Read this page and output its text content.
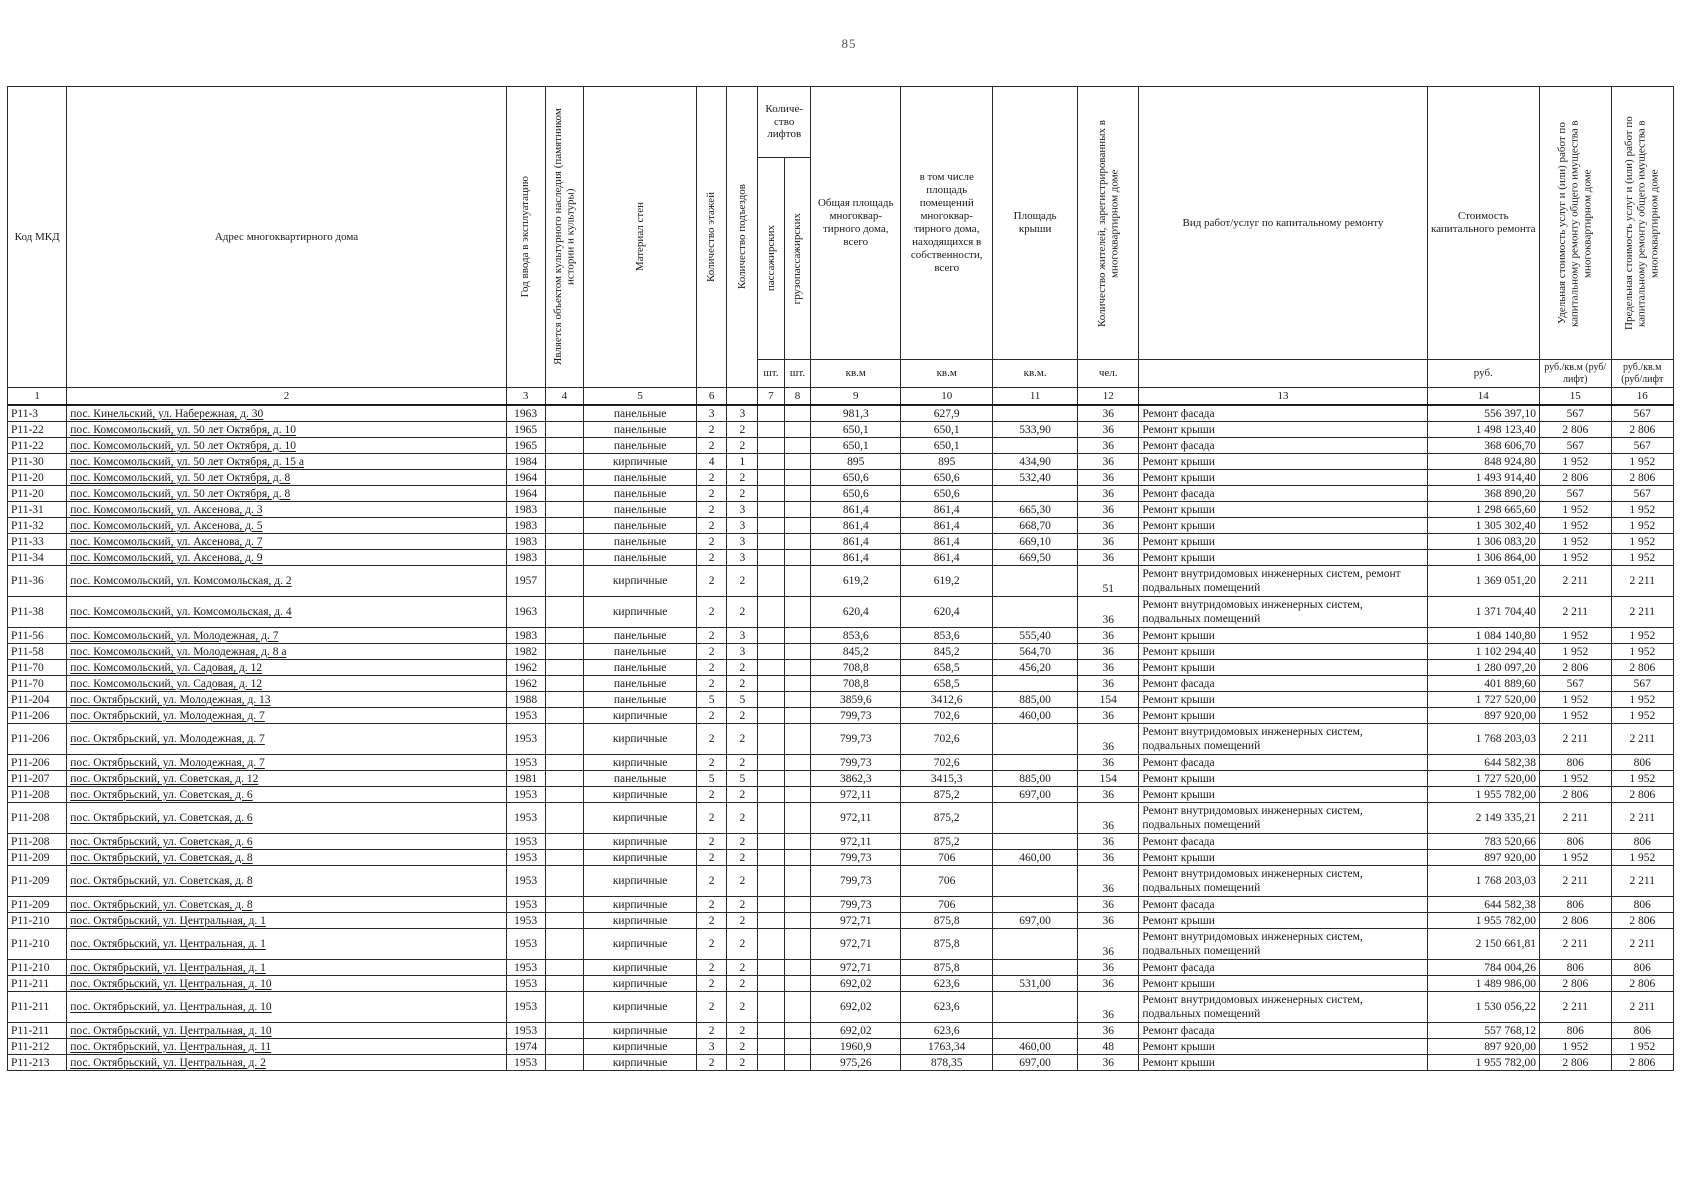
85
Код МКД	Адрес многоквартирного дома	Год ввода в эксплуатацию	Является объектом культурного наследия (памятником истории и культуры)	Материал стен	Количество этажей	Количество подъездов	Количе-ство лифтов		Общая площадь многоквар-тирного дома, всего	в том числе площадь помещений многоквар-тирного дома, находящихся в собственности, всего	Площадь крыши	Количество жителей, зарегистрированных в многоквартирном доме	Вид работ/услуг по капитальному ремонту	Стоимость капитального ремонта	Удельная стоимость услуг и (или) работ по капитальному ремонту общего имущества в многоквартирном доме	Предельная стоимость услуг и (или) работ по капитальному ремонту общего имущества в многоквартирном доме

							пассажирских	грузопассажирских								

							шт.	шт.	кв.м	кв.м	кв.м.	чел.		руб.	руб./кв.м (руб/лифт)	руб./кв.м (руб/лифт
1	2	3	4	5	6		7	8	9	10	11	12	13	14	15	16
Р11-3	пос. Кинельский, ул. Набережная, д. 30	1963		панельные	3	3			981,3	627,9		36	Ремонт фасада	556 397,10	567	567
Р11-22	пос. Комсомольский, ул. 50 лет Октября, д. 10	1965		панельные	2	2			650,1	650,1	533,90	36	Ремонт крыши	1 498 123,40	2 806	2 806
Р11-22	пос. Комсомольский, ул. 50 лет Октября, д. 10	1965		панельные	2	2			650,1	650,1		36	Ремонт фасада	368 606,70	567	567
Р11-30	пос. Комсомольский, ул. 50 лет Октября, д. 15 а	1984		кирпичные	4	1			895	895	434,90	36	Ремонт крыши	848 924,80	1 952	1 952
Р11-20	пос. Комсомольский, ул. 50 лет Октября, д. 8	1964		панельные	2	2			650,6	650,6	532,40	36	Ремонт крыши	1 493 914,40	2 806	2 806
Р11-20	пос. Комсомольский, ул. 50 лет Октября, д. 8	1964		панельные	2	2			650,6	650,6		36	Ремонт фасада	368 890,20	567	567
Р11-31	пос. Комсомольский, ул. Аксенова, д. 3	1983		панельные	2	3			861,4	861,4	665,30	36	Ремонт крыши	1 298 665,60	1 952	1 952
Р11-32	пос. Комсомольский, ул. Аксенова, д. 5	1983		панельные	2	3			861,4	861,4	668,70	36	Ремонт крыши	1 305 302,40	1 952	1 952
Р11-33	пос. Комсомольский, ул. Аксенова, д. 7	1983		панельные	2	3			861,4	861,4	669,10	36	Ремонт крыши	1 306 083,20	1 952	1 952
Р11-34	пос. Комсомольский, ул. Аксенова, д. 9	1983		панельные	2	3			861,4	861,4	669,50	36	Ремонт крыши	1 306 864,00	1 952	1 952
Р11-36	пос. Комсомольский, ул. Комсомольская, д. 2	1957		кирпичные	2	2			619,2	619,2		51	Ремонт внутридомовых инженерных систем, ремонт подвальных помещений	1 369 051,20	2 211	2 211
Р11-38	пос. Комсомольский, ул. Комсомольская, д. 4	1963		кирпичные	2	2			620,4	620,4		36	Ремонт внутридомовых инженерных систем, подвальных помещений	1 371 704,40	2 211	2 211
Р11-56	пос. Комсомольский, ул. Молодежная, д. 7	1983		панельные	2	3			853,6	853,6	555,40	36	Ремонт крыши	1 084 140,80	1 952	1 952
Р11-58	пос. Комсомольский, ул. Молодежная, д. 8 а	1982		панельные	2	3			845,2	845,2	564,70	36	Ремонт крыши	1 102 294,40	1 952	1 952
Р11-70	пос. Комсомольский, ул. Садовая, д. 12	1962		панельные	2	2			708,8	658,5	456,20	36	Ремонт крыши	1 280 097,20	2 806	2 806
Р11-70	пос. Комсомольский, ул. Садовая, д. 12	1962		панельные	2	2			708,8	658,5		36	Ремонт фасада	401 889,60	567	567
Р11-204	пос. Октябрьский, ул. Молодежная, д. 13	1988		панельные	5	5			3859,6	3412,6	885,00	154	Ремонт крыши	1 727 520,00	1 952	1 952
Р11-206	пос. Октябрьский, ул. Молодежная, д. 7	1953		кирпичные	2	2			799,73	702,6	460,00	36	Ремонт крыши	897 920,00	1 952	1 952
Р11-206	пос. Октябрьский, ул. Молодежная, д. 7	1953		кирпичные	2	2			799,73	702,6		36	Ремонт внутридомовых инженерных систем, подвальных помещений	1 768 203,03	2 211	2 211
Р11-206	пос. Октябрьский, ул. Молодежная, д. 7	1953		кирпичные	2	2			799,73	702,6		36	Ремонт фасада	644 582,38	806	806
Р11-207	пос. Октябрьский, ул. Советская, д. 12	1981		панельные	5	5			3862,3	3415,3	885,00	154	Ремонт крыши	1 727 520,00	1 952	1 952
Р11-208	пос. Октябрьский, ул. Советская, д. 6	1953		кирпичные	2	2			972,11	875,2	697,00	36	Ремонт крыши	1 955 782,00	2 806	2 806
Р11-208	пос. Октябрьский, ул. Советская, д. 6	1953		кирпичные	2	2			972,11	875,2		36	Ремонт внутридомовых инженерных систем, подвальных помещений	2 149 335,21	2 211	2 211
Р11-208	пос. Октябрьский, ул. Советская, д. 6	1953		кирпичные	2	2			972,11	875,2		36	Ремонт фасада	783 520,66	806	806
Р11-209	пос. Октябрьский, ул. Советская, д. 8	1953		кирпичные	2	2			799,73	706	460,00	36	Ремонт крыши	897 920,00	1 952	1 952
Р11-209	пос. Октябрьский, ул. Советская, д. 8	1953		кирпичные	2	2			799,73	706		36	Ремонт внутридомовых инженерных систем, подвальных помещений	1 768 203,03	2 211	2 211
Р11-209	пос. Октябрьский, ул. Советская, д. 8	1953		кирпичные	2	2			799,73	706		36	Ремонт фасада	644 582,38	806	806
Р11-210	пос. Октябрьский, ул. Центральная, д. 1	1953		кирпичные	2	2			972,71	875,8	697,00	36	Ремонт крыши	1 955 782,00	2 806	2 806
Р11-210	пос. Октябрьский, ул. Центральная, д. 1	1953		кирпичные	2	2			972,71	875,8		36	Ремонт внутридомовых инженерных систем, подвальных помещений	2 150 661,81	2 211	2 211
Р11-210	пос. Октябрьский, ул. Центральная, д. 1	1953		кирпичные	2	2			972,71	875,8		36	Ремонт фасада	784 004,26	806	806
Р11-211	пос. Октябрьский, ул. Центральная, д. 10	1953		кирпичные	2	2			692,02	623,6	531,00	36	Ремонт крыши	1 489 986,00	2 806	2 806
Р11-211	пос. Октябрьский, ул. Центральная, д. 10	1953		кирпичные	2	2			692,02	623,6		36	Ремонт внутридомовых инженерных систем, подвальных помещений	1 530 056,22	2 211	2 211
Р11-211	пос. Октябрьский, ул. Центральная, д. 10	1953		кирпичные	2	2			692,02	623,6		36	Ремонт фасада	557 768,12	806	806
Р11-212	пос. Октябрьский, ул. Центральная, д. 11	1974		кирпичные	3	2			1960,9	1763,34	460,00	48	Ремонт крыши	897 920,00	1 952	1 952
Р11-213	пос. Октябрьский, ул. Центральная, д. 2	1953		кирпичные	2	2			975,26	878,35	697,00	36	Ремонт крыши	1 955 782,00	2 806	2 806
